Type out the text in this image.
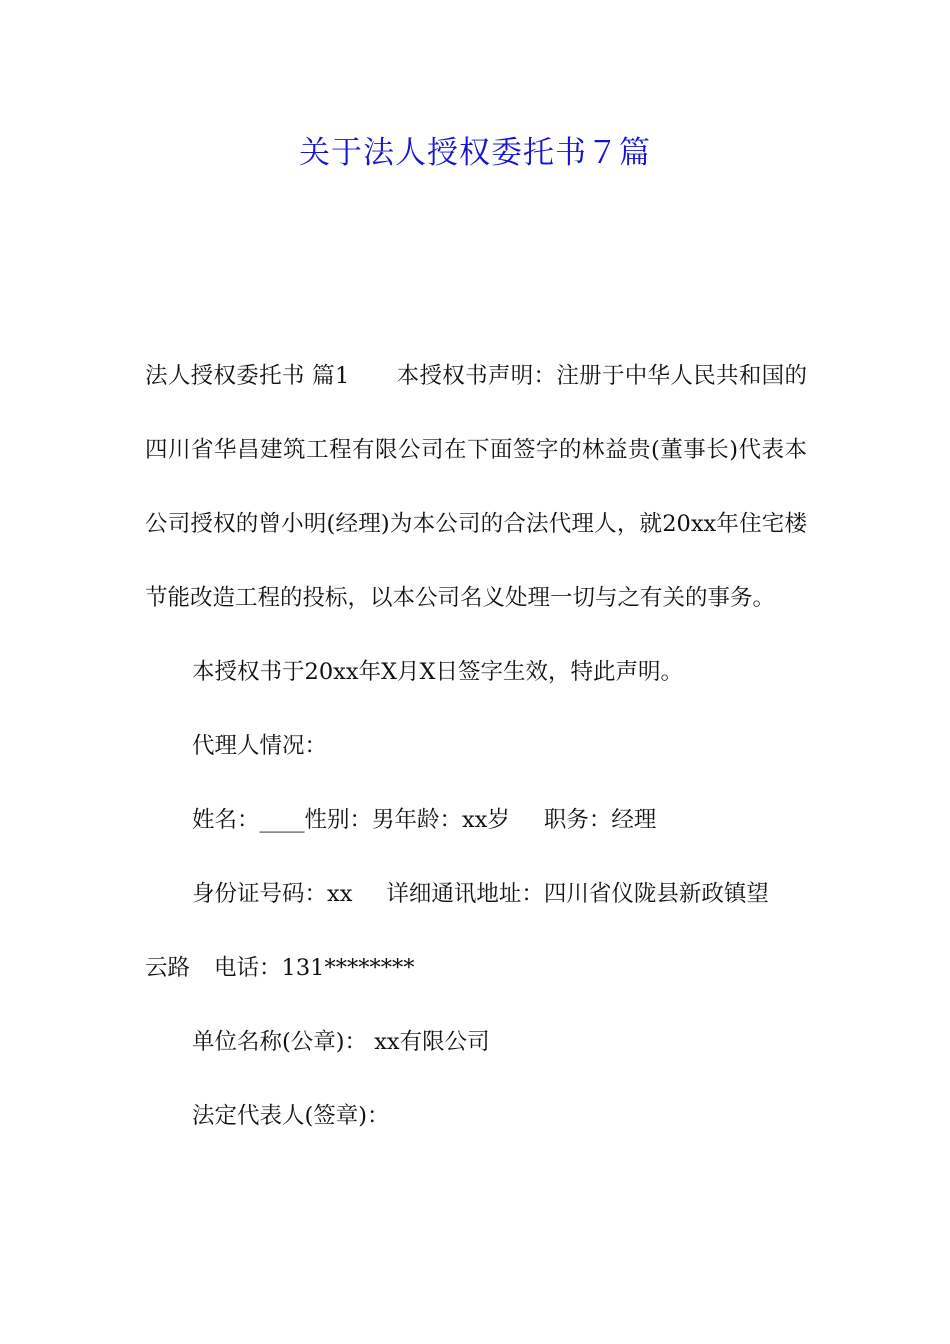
关于法人授权委托书７篇

法人授权委托书 篇1 本授权书声明：注册于中华人民共和国的四川省华昌建筑工程有限公司在下面签字的林益贵(董事长)代表本公司授权的曾小明(经理)为本公司的合法代理人，就20xx年住宅楼节能改造工程的投标，以本公司名义处理一切与之有关的事务。

本授权书于20xx年X月X日签字生效，特此声明。

代理人情况：

姓名：____性别：男年龄：xx岁 职务：经理

身份证号码：xx 详细通讯地址：四川省仪陇县新政镇望

云路 电话：131********

单位名称(公章)： xx有限公司

法定代表人(签章)：
